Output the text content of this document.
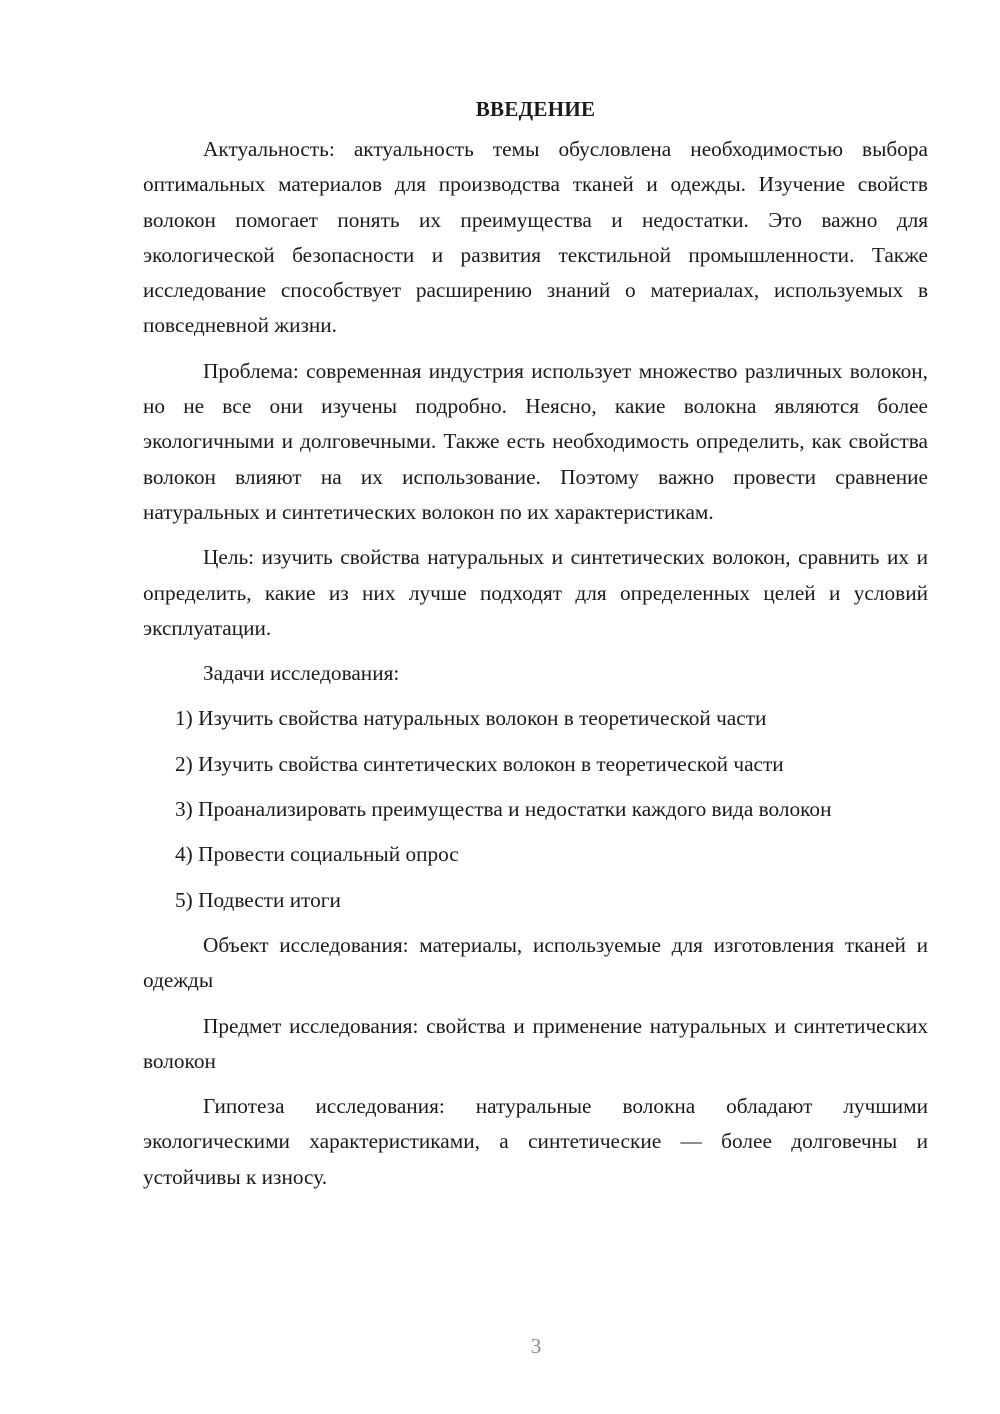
ВВЕДЕНИЕ

Актуальность: актуальность темы обусловлена необходимостью выбора оптимальных материалов для производства тканей и одежды. Изучение свойств волокон помогает понять их преимущества и недостатки. Это важно для экологической безопасности и развития текстильной промышленности. Также исследование способствует расширению знаний о материалах, используемых в повседневной жизни.

Проблема: современная индустрия использует множество различных волокон, но не все они изучены подробно. Неясно, какие волокна являются более экологичными и долговечными. Также есть необходимость определить, как свойства волокон влияют на их использование. Поэтому важно провести сравнение натуральных и синтетических волокон по их характеристикам.

Цель: изучить свойства натуральных и синтетических волокон, сравнить их и определить, какие из них лучше подходят для определенных целей и условий эксплуатации.

Задачи исследования:

1) Изучить свойства натуральных волокон в теоретической части

2) Изучить свойства синтетических волокон в теоретической части

3) Проанализировать преимущества и недостатки каждого вида волокон

4) Провести социальный опрос

5) Подвести итоги

Объект исследования: материалы, используемые для изготовления тканей и одежды

Предмет исследования: свойства и применение натуральных и синтетических волокон

Гипотеза исследования: натуральные волокна обладают лучшими экологическими характеристиками, а синтетические — более долговечны и устойчивы к износу.

3
